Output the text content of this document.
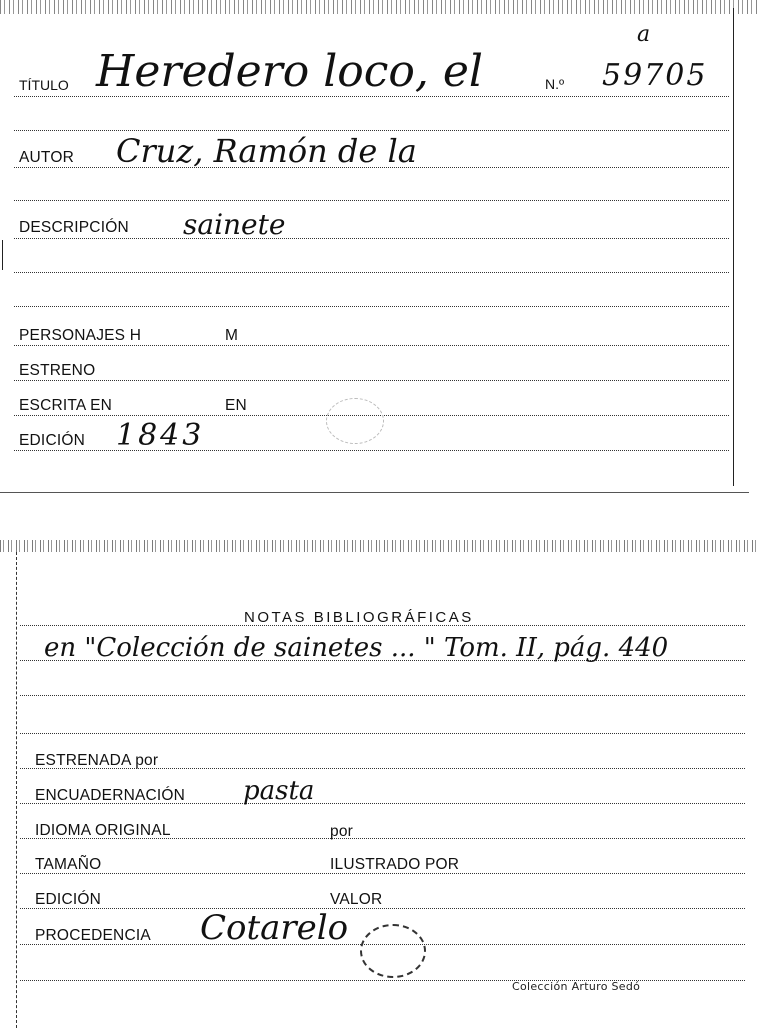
TÍTULO Heredero loco, el	N.º 59705
a
AUTOR Cruz, Ramón de la
DESCRIPCIÓN sainete
PERSONAJES H	M
ESTRENO
ESCRITA EN	EN
EDICIÓN 1843
NOTAS BIBLIOGRÁFICAS
en "Colección de sainetes ... " Tom. II, pág. 440
ESTRENADA por
ENCUADERNACIÓN pasta
IDIOMA ORIGINAL	por
TAMAÑO	ILUSTRADO POR
EDICIÓN	VALOR
PROCEDENCIA Cotarelo
Colección Arturo Sedó
